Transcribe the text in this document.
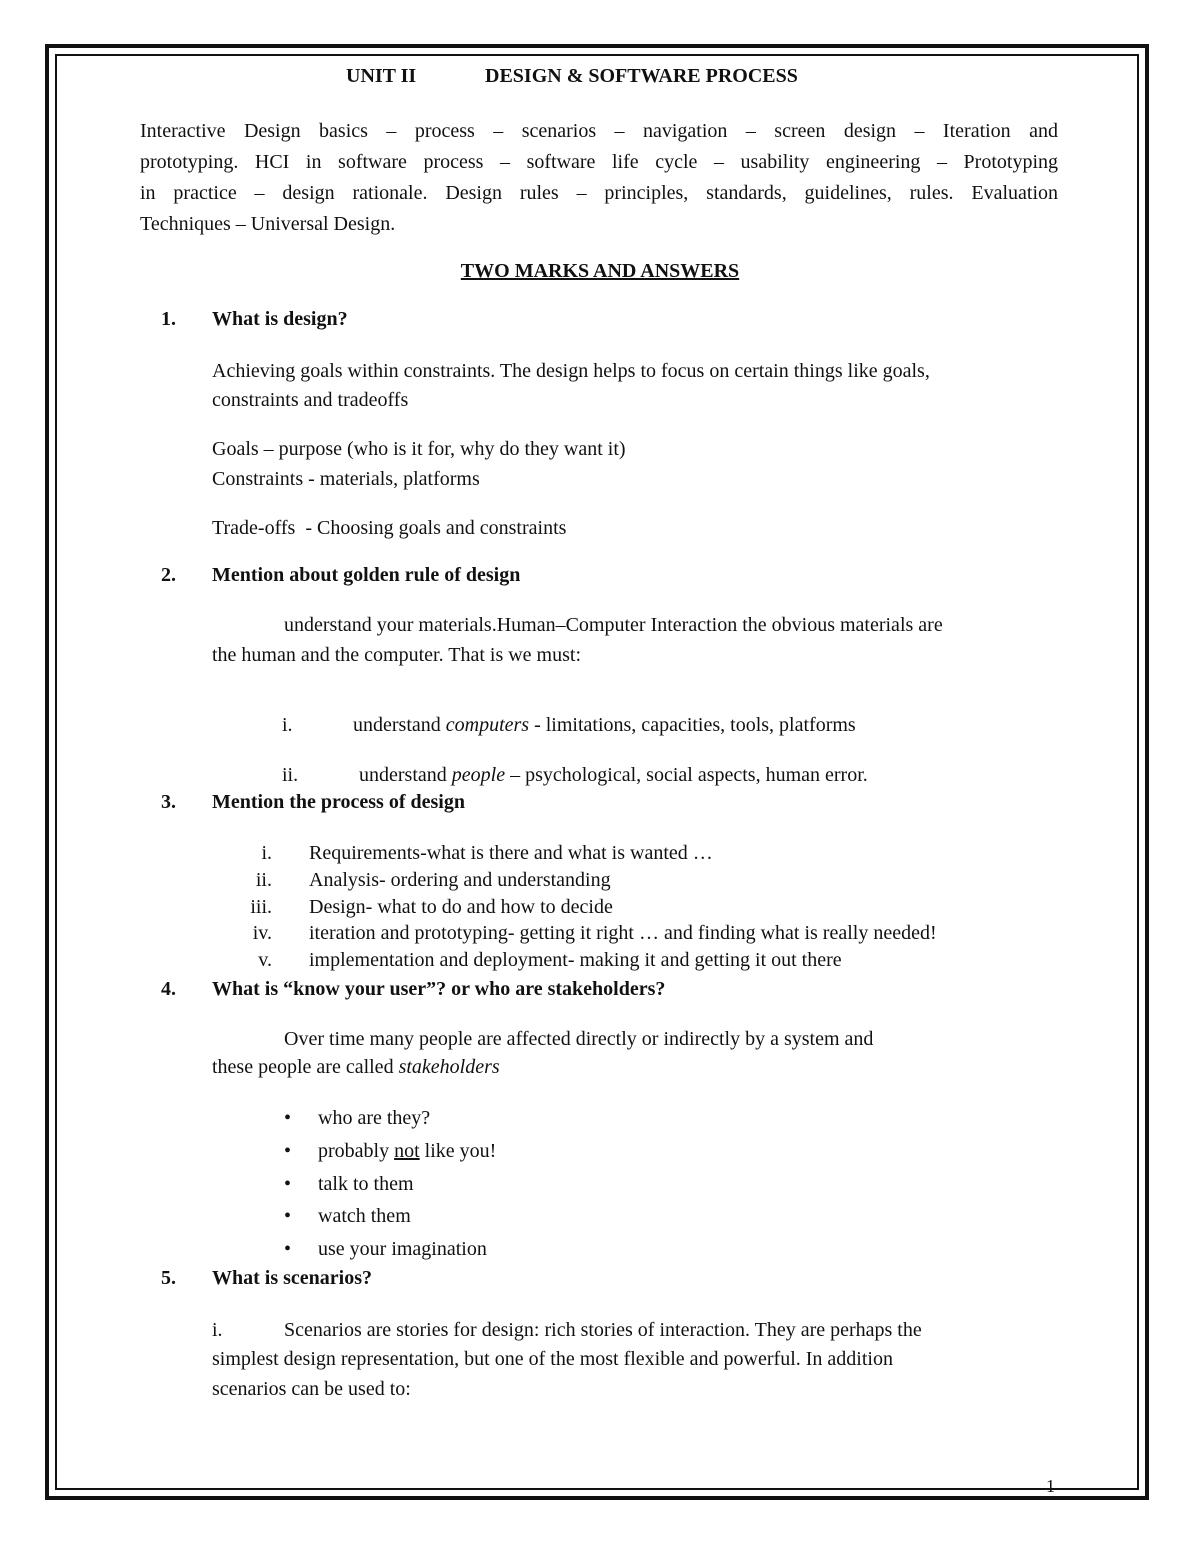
UNIT II	DESIGN & SOFTWARE PROCESS
Interactive Design basics – process – scenarios – navigation – screen design – Iteration and
prototyping. HCI in software process – software life cycle – usability engineering – Prototyping
in practice – design rationale. Design rules – principles, standards, guidelines, rules. Evaluation
Techniques – Universal Design.
TWO MARKS AND ANSWERS
1. What is design?
Achieving goals within constraints. The design helps to focus on certain things like goals,
constraints and tradeoffs
Goals – purpose (who is it for, why do they want it)
Constraints - materials, platforms
Trade-offs  - Choosing goals and constraints
2. Mention about golden rule of design
understand your materials.Human–Computer Interaction the obvious materials are
the human and the computer. That is we must:
i.	understand computers - limitations, capacities, tools, platforms
ii.	understand people – psychological, social aspects, human error.
3. Mention the process of design
i. Requirements-what is there and what is wanted …
ii. Analysis- ordering and understanding
iii. Design- what to do and how to decide
iv. iteration and prototyping- getting it right … and finding what is really needed!
v. implementation and deployment- making it and getting it out there
4. What is “know your user”? or who are stakeholders?
Over time many people are affected directly or indirectly by a system and
these people are called stakeholders
• who are they?
• probably not like you!
• talk to them
• watch them
• use your imagination
5. What is scenarios?
i.	Scenarios are stories for design: rich stories of interaction. They are perhaps the
simplest design representation, but one of the most flexible and powerful. In addition
scenarios can be used to:
1
